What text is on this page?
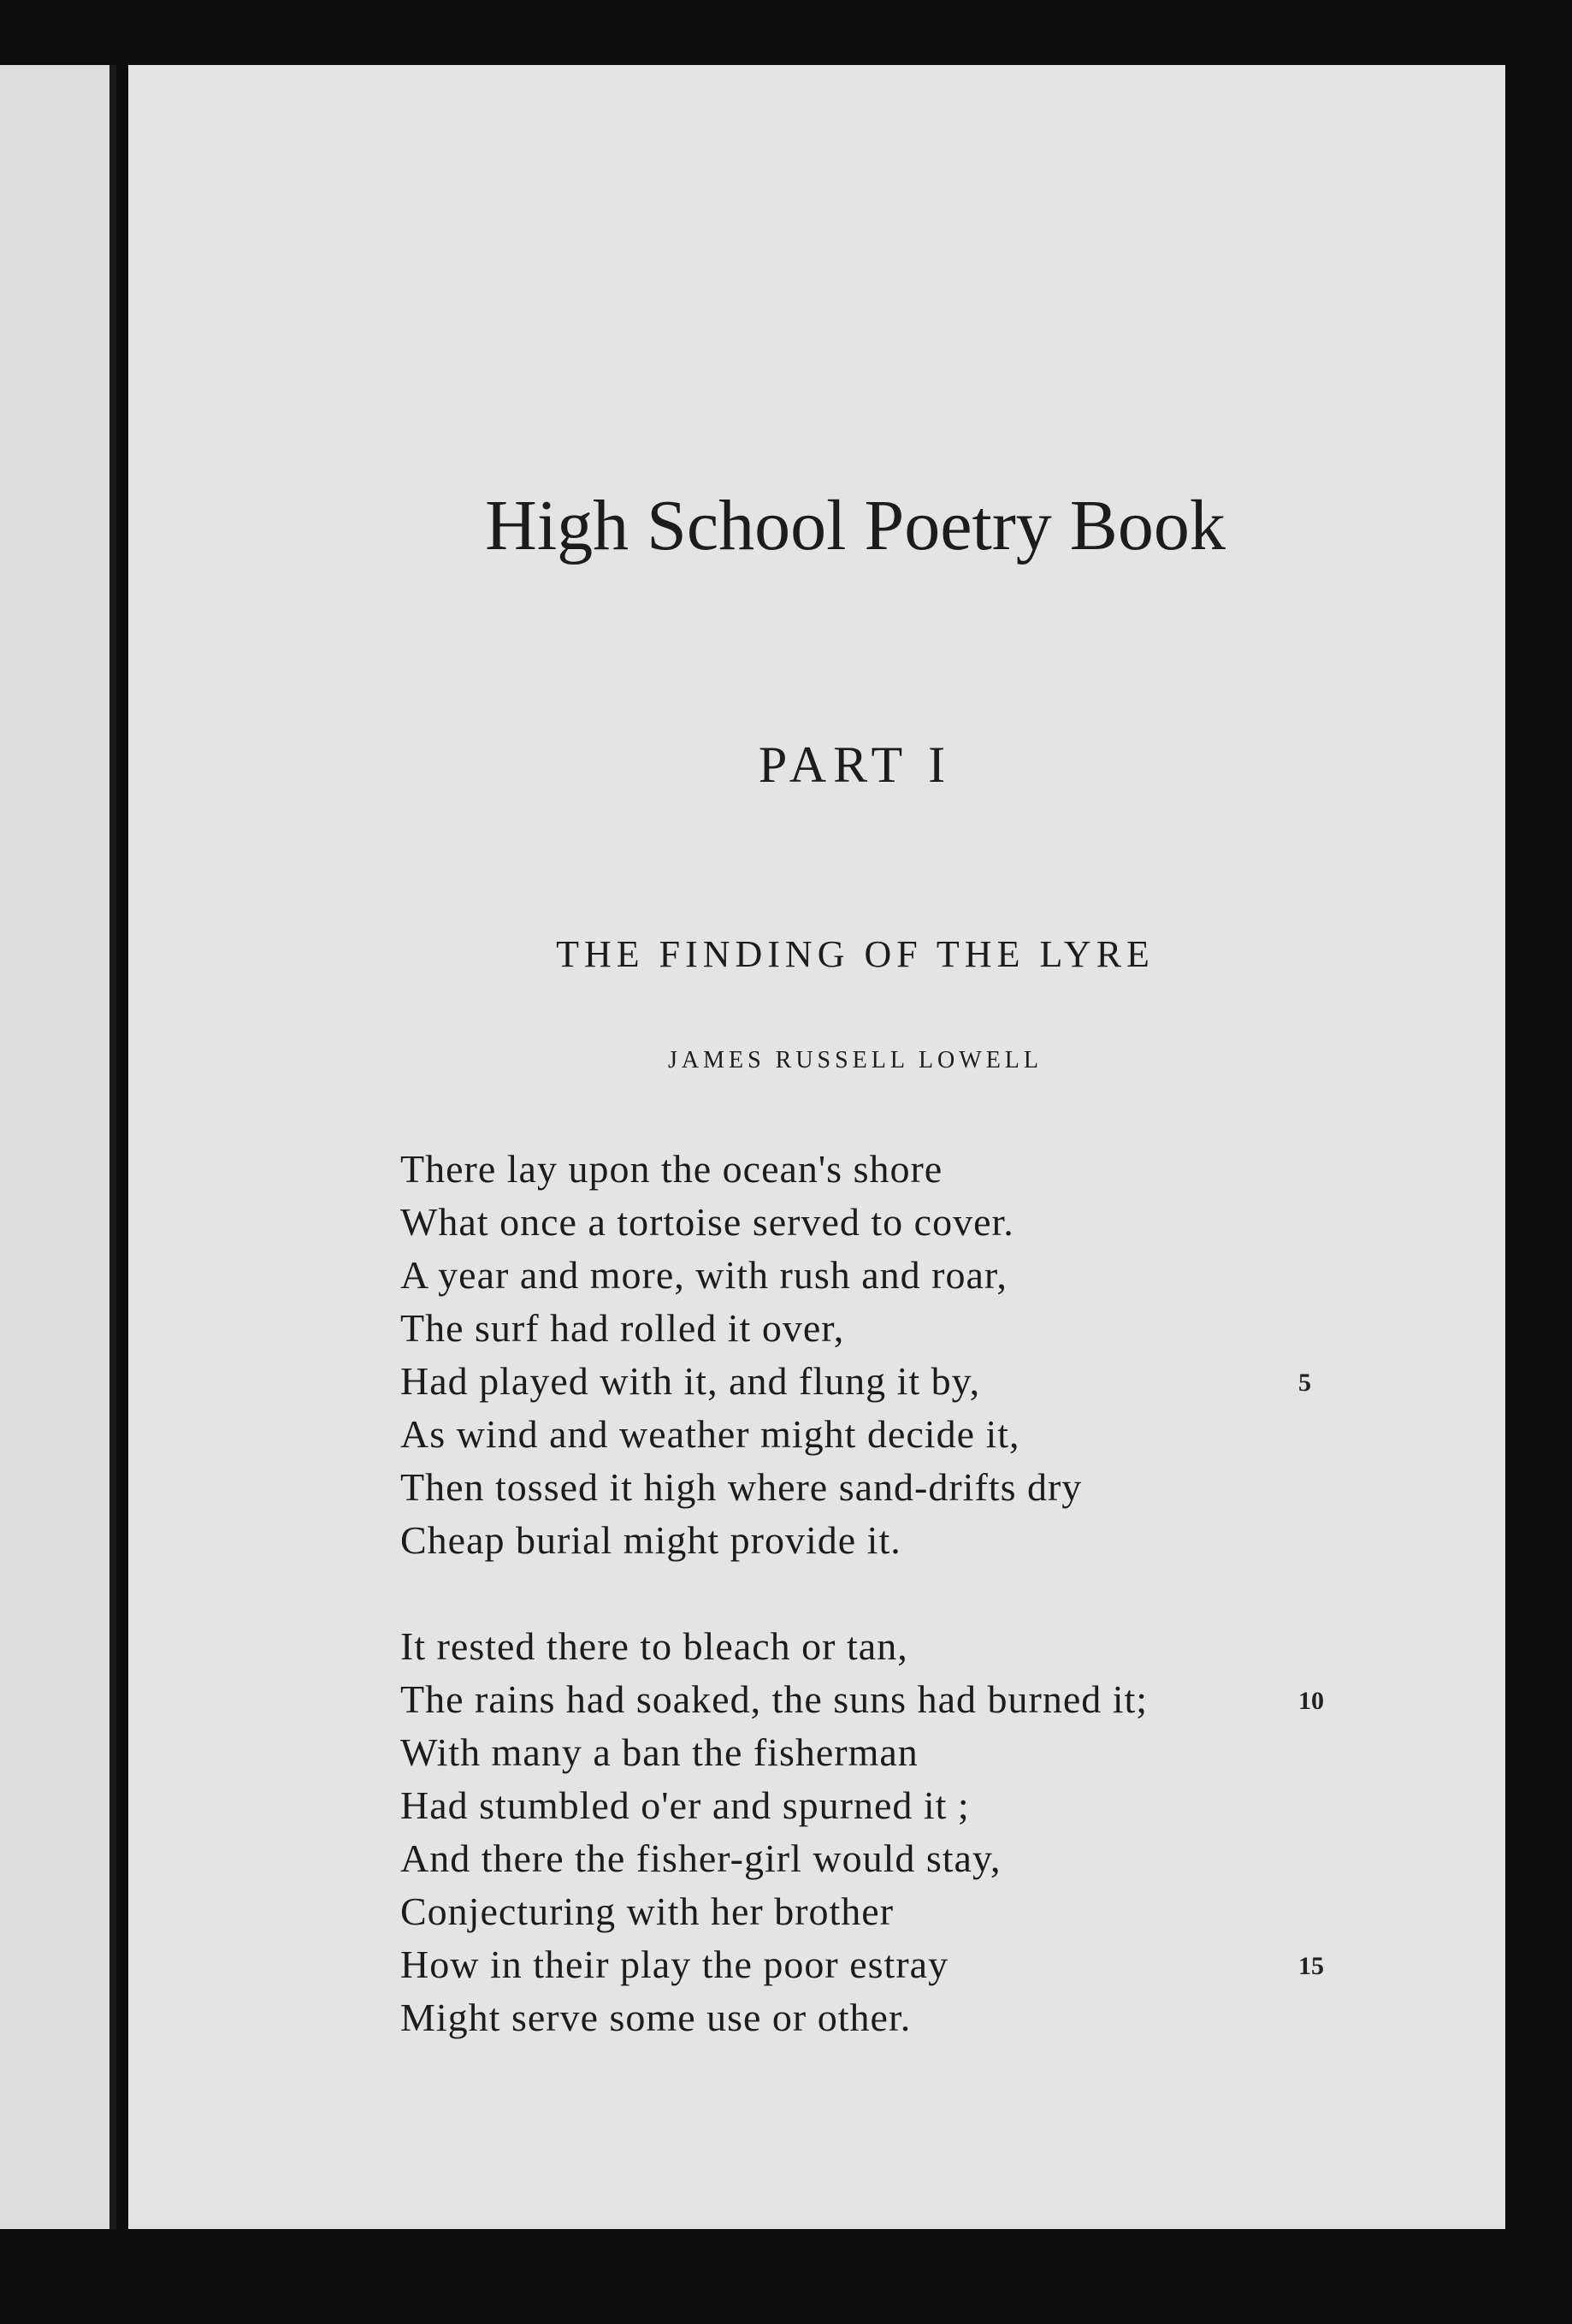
High School Poetry Book
PART I
THE FINDING OF THE LYRE
JAMES RUSSELL LOWELL
There lay upon the ocean's shore
What once a tortoise served to cover.
A year and more, with rush and roar,
The surf had rolled it over,
Had played with it, and flung it by,	5
As wind and weather might decide it,
Then tossed it high where sand-drifts dry
Cheap burial might provide it.
It rested there to bleach or tan,
The rains had soaked, the suns had burned it;	10
With many a ban the fisherman
Had stumbled o'er and spurned it ;
And there the fisher-girl would stay,
Conjecturing with her brother
How in their play the poor estray	15
Might serve some use or other.
